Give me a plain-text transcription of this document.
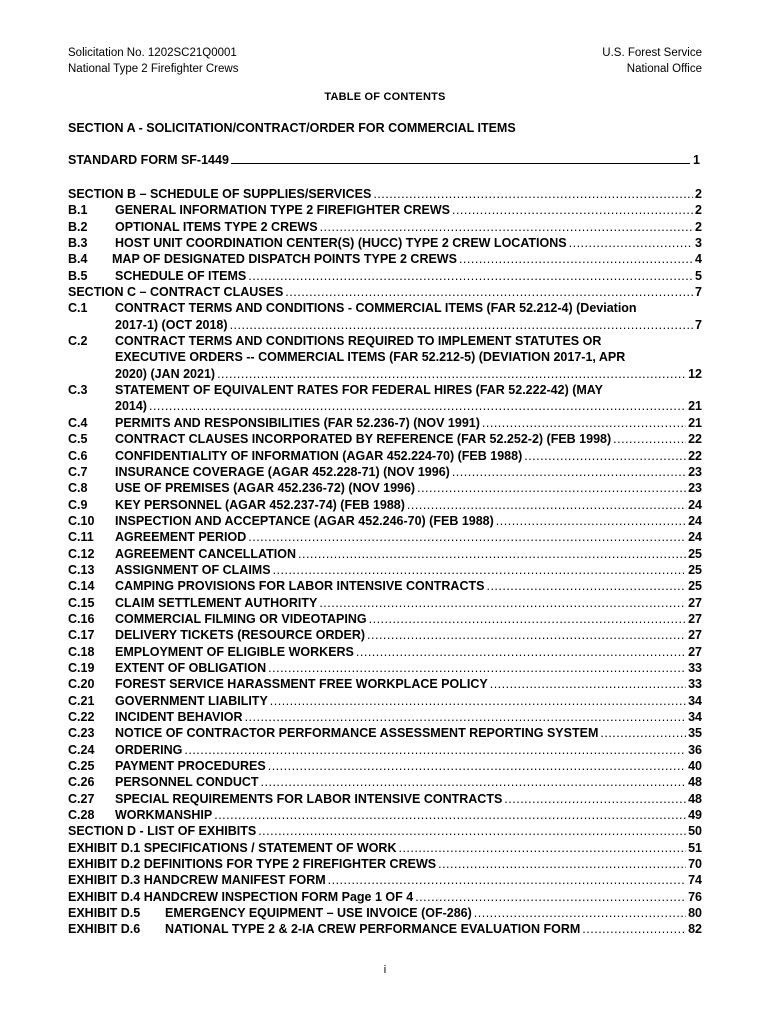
Solicitation No. 1202SC21Q0001
National Type 2 Firefighter Crews
U.S. Forest Service
National Office
TABLE OF CONTENTS
SECTION A - SOLICITATION/CONTRACT/ORDER FOR COMMERCIAL ITEMS
STANDARD FORM SF-1449	1
SECTION B – SCHEDULE OF SUPPLIES/SERVICES .....	2
B.1	GENERAL INFORMATION TYPE 2 FIREFIGHTER CREWS .....	2
B.2	OPTIONAL ITEMS TYPE 2 CREWS .....	2
B.3	HOST UNIT COORDINATION CENTER(S) (HUCC) TYPE 2 CREW LOCATIONS .....	3
B.4	MAP OF DESIGNATED DISPATCH POINTS TYPE 2 CREWS .....	4
B.5	SCHEDULE OF ITEMS .....	5
SECTION C – CONTRACT CLAUSES .....	7
C.1	CONTRACT TERMS AND CONDITIONS - COMMERCIAL ITEMS (FAR 52.212-4) (Deviation
2017-1) (OCT 2018) .....	7
C.2	CONTRACT TERMS AND CONDITIONS REQUIRED TO IMPLEMENT STATUTES OR
EXECUTIVE ORDERS -- COMMERCIAL ITEMS (FAR 52.212-5) (DEVIATION 2017-1, APR
2020) (JAN 2021) .....	12
C.3	STATEMENT OF EQUIVALENT RATES FOR FEDERAL HIRES (FAR 52.222-42) (MAY
2014) .....	21
C.4	PERMITS AND RESPONSIBILITIES (FAR 52.236-7) (NOV 1991) .....	21
C.5	CONTRACT CLAUSES INCORPORATED BY REFERENCE (FAR 52.252-2) (FEB 1998) .....	22
C.6	CONFIDENTIALITY OF INFORMATION (AGAR 452.224-70) (FEB 1988) .....	22
C.7	INSURANCE COVERAGE (AGAR 452.228-71) (NOV 1996) .....	23
C.8	USE OF PREMISES (AGAR 452.236-72) (NOV 1996) .....	23
C.9	KEY PERSONNEL (AGAR 452.237-74) (FEB 1988) .....	24
C.10	INSPECTION AND ACCEPTANCE (AGAR 452.246-70) (FEB 1988) .....	24
C.11	AGREEMENT PERIOD .....	24
C.12	AGREEMENT CANCELLATION .....	25
C.13	ASSIGNMENT OF CLAIMS .....	25
C.14	CAMPING PROVISIONS FOR LABOR INTENSIVE CONTRACTS .....	25
C.15	CLAIM SETTLEMENT AUTHORITY .....	27
C.16	COMMERCIAL FILMING OR VIDEOTAPING .....	27
C.17	DELIVERY TICKETS (RESOURCE ORDER) .....	27
C.18	EMPLOYMENT OF ELIGIBLE WORKERS .....	27
C.19	EXTENT OF OBLIGATION .....	33
C.20	FOREST SERVICE HARASSMENT FREE WORKPLACE POLICY .....	33
C.21	GOVERNMENT LIABILITY .....	34
C.22	INCIDENT BEHAVIOR .....	34
C.23	NOTICE OF CONTRACTOR PERFORMANCE ASSESSMENT REPORTING SYSTEM .....	35
C.24	ORDERING .....	36
C.25	PAYMENT PROCEDURES .....	40
C.26	PERSONNEL CONDUCT .....	48
C.27	SPECIAL REQUIREMENTS FOR LABOR INTENSIVE CONTRACTS .....	48
C.28	WORKMANSHIP .....	49
SECTION D - LIST OF EXHIBITS .....	50
EXHIBIT D.1 SPECIFICATIONS / STATEMENT OF WORK .....	51
EXHIBIT D.2 DEFINITIONS FOR TYPE 2 FIREFIGHTER CREWS .....	70
EXHIBIT D.3 HANDCREW MANIFEST FORM .....	74
EXHIBIT D.4 HANDCREW INSPECTION FORM Page 1 OF 4 .....	76
EXHIBIT D.5	EMERGENCY EQUIPMENT – USE INVOICE (OF-286) .....	80
EXHIBIT D.6	NATIONAL TYPE 2 & 2-IA CREW PERFORMANCE EVALUATION FORM .....	82
i
